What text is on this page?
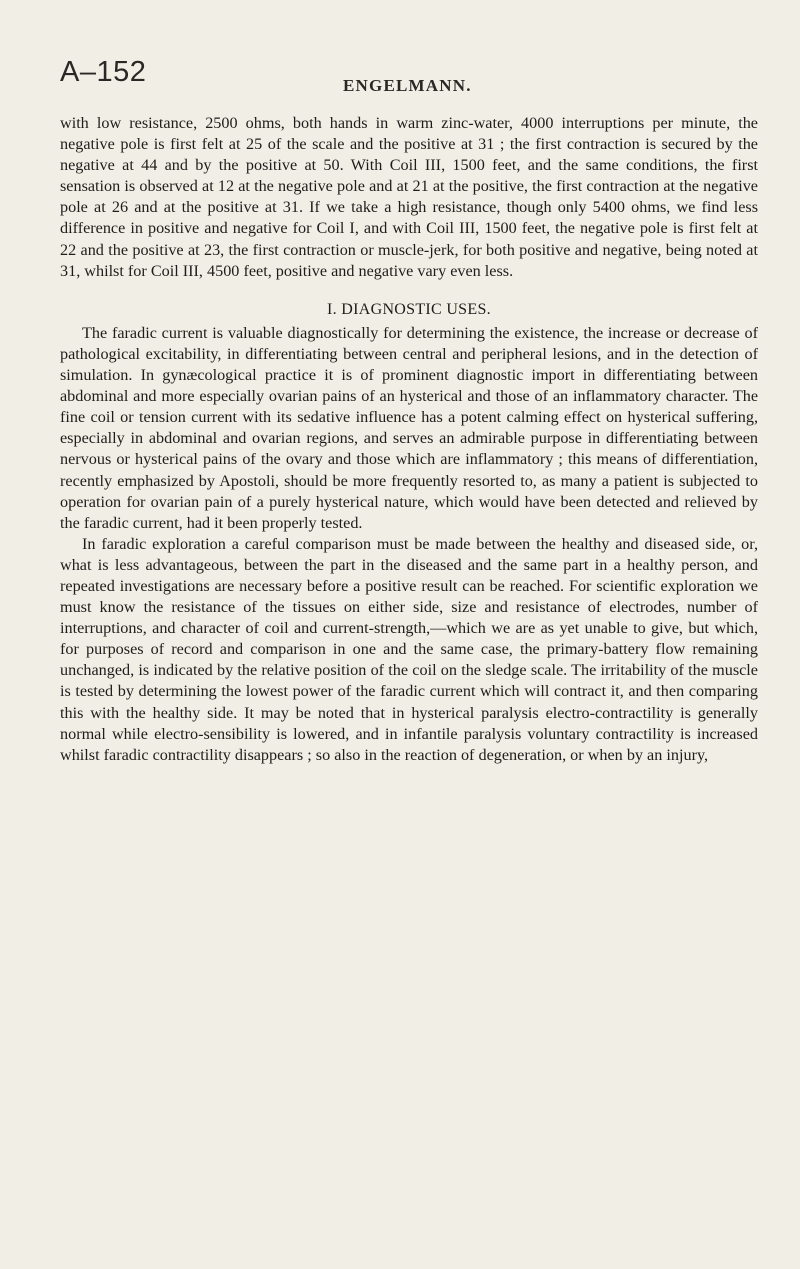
A–152	ENGELMANN.

with low resistance, 2500 ohms, both hands in warm zinc-water, 4000 interruptions per minute, the negative pole is first felt at 25 of the scale and the positive at 31 ; the first contraction is secured by the negative at 44 and by the positive at 50. With Coil III, 1500 feet, and the same conditions, the first sensation is observed at 12 at the negative pole and at 21 at the positive, the first contraction at the negative pole at 26 and at the positive at 31. If we take a high resistance, though only 5400 ohms, we find less difference in positive and negative for Coil I, and with Coil III, 1500 feet, the negative pole is first felt at 22 and the positive at 23, the first contraction or muscle-jerk, for both positive and negative, being noted at 31, whilst for Coil III, 4500 feet, positive and negative vary even less.

I. DIAGNOSTIC USES.

The faradic current is valuable diagnostically for determining the existence, the increase or decrease of pathological excitability, in differentiating between central and peripheral lesions, and in the detection of simulation. In gynæcological practice it is of prominent diagnostic import in differentiating between abdominal and more especially ovarian pains of an hysterical and those of an inflammatory character. The fine coil or tension current with its sedative influence has a potent calming effect on hysterical suffering, especially in abdominal and ovarian regions, and serves an admirable purpose in differentiating between nervous or hysterical pains of the ovary and those which are inflammatory ; this means of differentiation, recently emphasized by Apostoli, should be more frequently resorted to, as many a patient is subjected to operation for ovarian pain of a purely hysterical nature, which would have been detected and relieved by the faradic current, had it been properly tested.

In faradic exploration a careful comparison must be made between the healthy and diseased side, or, what is less advantageous, between the part in the diseased and the same part in a healthy person, and repeated investigations are necessary before a positive result can be reached. For scientific exploration we must know the resistance of the tissues on either side, size and resistance of electrodes, number of interruptions, and character of coil and current-strength,—which we are as yet unable to give, but which, for purposes of record and comparison in one and the same case, the primary-battery flow remaining unchanged, is indicated by the relative position of the coil on the sledge scale. The irritability of the muscle is tested by determining the lowest power of the faradic current which will contract it, and then comparing this with the healthy side. It may be noted that in hysterical paralysis electro-contractility is generally normal while electro-sensibility is lowered, and in infantile paralysis voluntary contractility is increased whilst faradic contractility disappears ; so also in the reaction of degeneration, or when by an injury,
